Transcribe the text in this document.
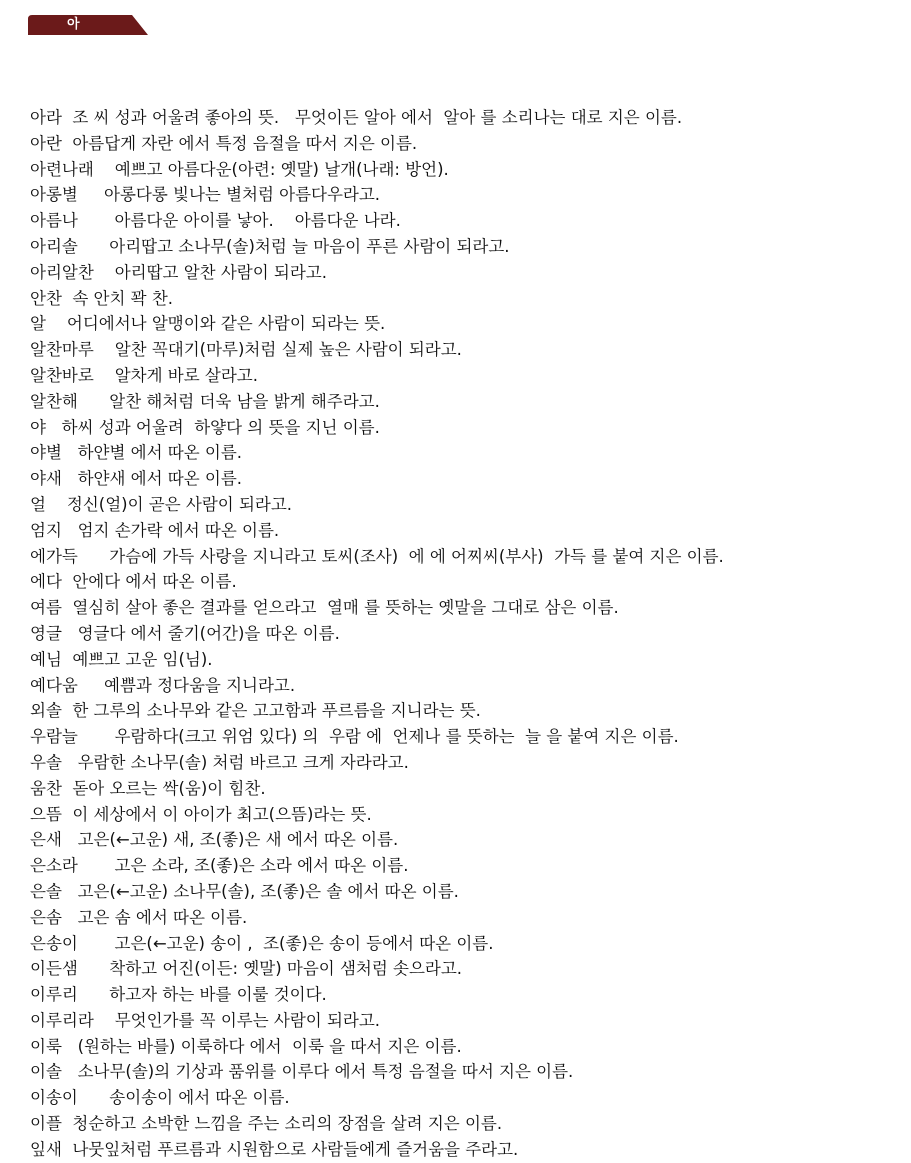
아
아라  조 씨 성과 어울려 좋아의 뜻.   무엇이든 알아 에서  알아 를 소리나는 대로 지은 이름.
아란  아름답게 자란 에서 특정 음절을 따서 지은 이름.
아련나래    예쁘고 아름다운(아련: 옛말) 날개(나래: 방언).
아롱별     아롱다롱 빛나는 별처럼 아름다우라고.
아름나       아름다운 아이를 낳아.    아름다운 나라.
아리솔      아리땁고 소나무(솔)처럼 늘 마음이 푸른 사람이 되라고.
아리알찬    아리땁고 알찬 사람이 되라고.
안찬  속 안치 꽉 찬.
알    어디에서나 알맹이와 같은 사람이 되라는 뜻.
알찬마루    알찬 꼭대기(마루)처럼 실제 높은 사람이 되라고.
알찬바로    알차게 바로 살라고.
알찬해      알찬 해처럼 더욱 남을 밝게 해주라고.
야   하씨 성과 어울려  하얗다 의 뜻을 지닌 이름.
야별   하얀별 에서 따온 이름.
야새   하얀새 에서 따온 이름.
얼    정신(얼)이 곧은 사람이 되라고.
엄지   엄지 손가락 에서 따온 이름.
에가득      가슴에 가득 사랑을 지니라고 토씨(조사)  에 에 어찌씨(부사)  가득 를 붙여 지은 이름.
에다  안에다 에서 따온 이름.
여름  열심히 살아 좋은 결과를 얻으라고  열매 를 뜻하는 옛말을 그대로 삼은 이름.
영글   영글다 에서 줄기(어간)을 따온 이름.
예님  예쁘고 고운 임(님).
예다움     예쁨과 정다움을 지니라고.
외솔  한 그루의 소나무와 같은 고고함과 푸르름을 지니라는 뜻.
우람늘       우람하다(크고 위엄 있다) 의  우람 에  언제나 를 뜻하는  늘 을 붙여 지은 이름.
우솔   우람한 소나무(솔) 처럼 바르고 크게 자라라고.
움찬  돋아 오르는 싹(움)이 힘찬.
으뜸  이 세상에서 이 아이가 최고(으뜸)라는 뜻.
은새   고은(←고운) 새, 조(좋)은 새 에서 따온 이름.
은소라       고은 소라, 조(좋)은 소라 에서 따온 이름.
은솔   고은(←고운) 소나무(솔), 조(좋)은 솔 에서 따온 이름.
은솜   고은 솜 에서 따온 이름.
은송이       고은(←고운) 송이 ,  조(좋)은 송이 등에서 따온 이름.
이든샘      착하고 어진(이든: 옛말) 마음이 샘처럼 솟으라고.
이루리      하고자 하는 바를 이룰 것이다.
이루리라    무엇인가를 꼭 이루는 사람이 되라고.
이룩   (원하는 바를) 이룩하다 에서  이룩 을 따서 지은 이름.
이솔   소나무(솔)의 기상과 품위를 이루다 에서 특정 음절을 따서 지은 이름.
이송이      송이송이 에서 따온 이름.
이플  청순하고 소박한 느낌을 주는 소리의 장점을 살려 지은 이름.
잎새  나뭇잎처럼 푸르름과 시원함으로 사람들에게 즐거움을 주라고.
